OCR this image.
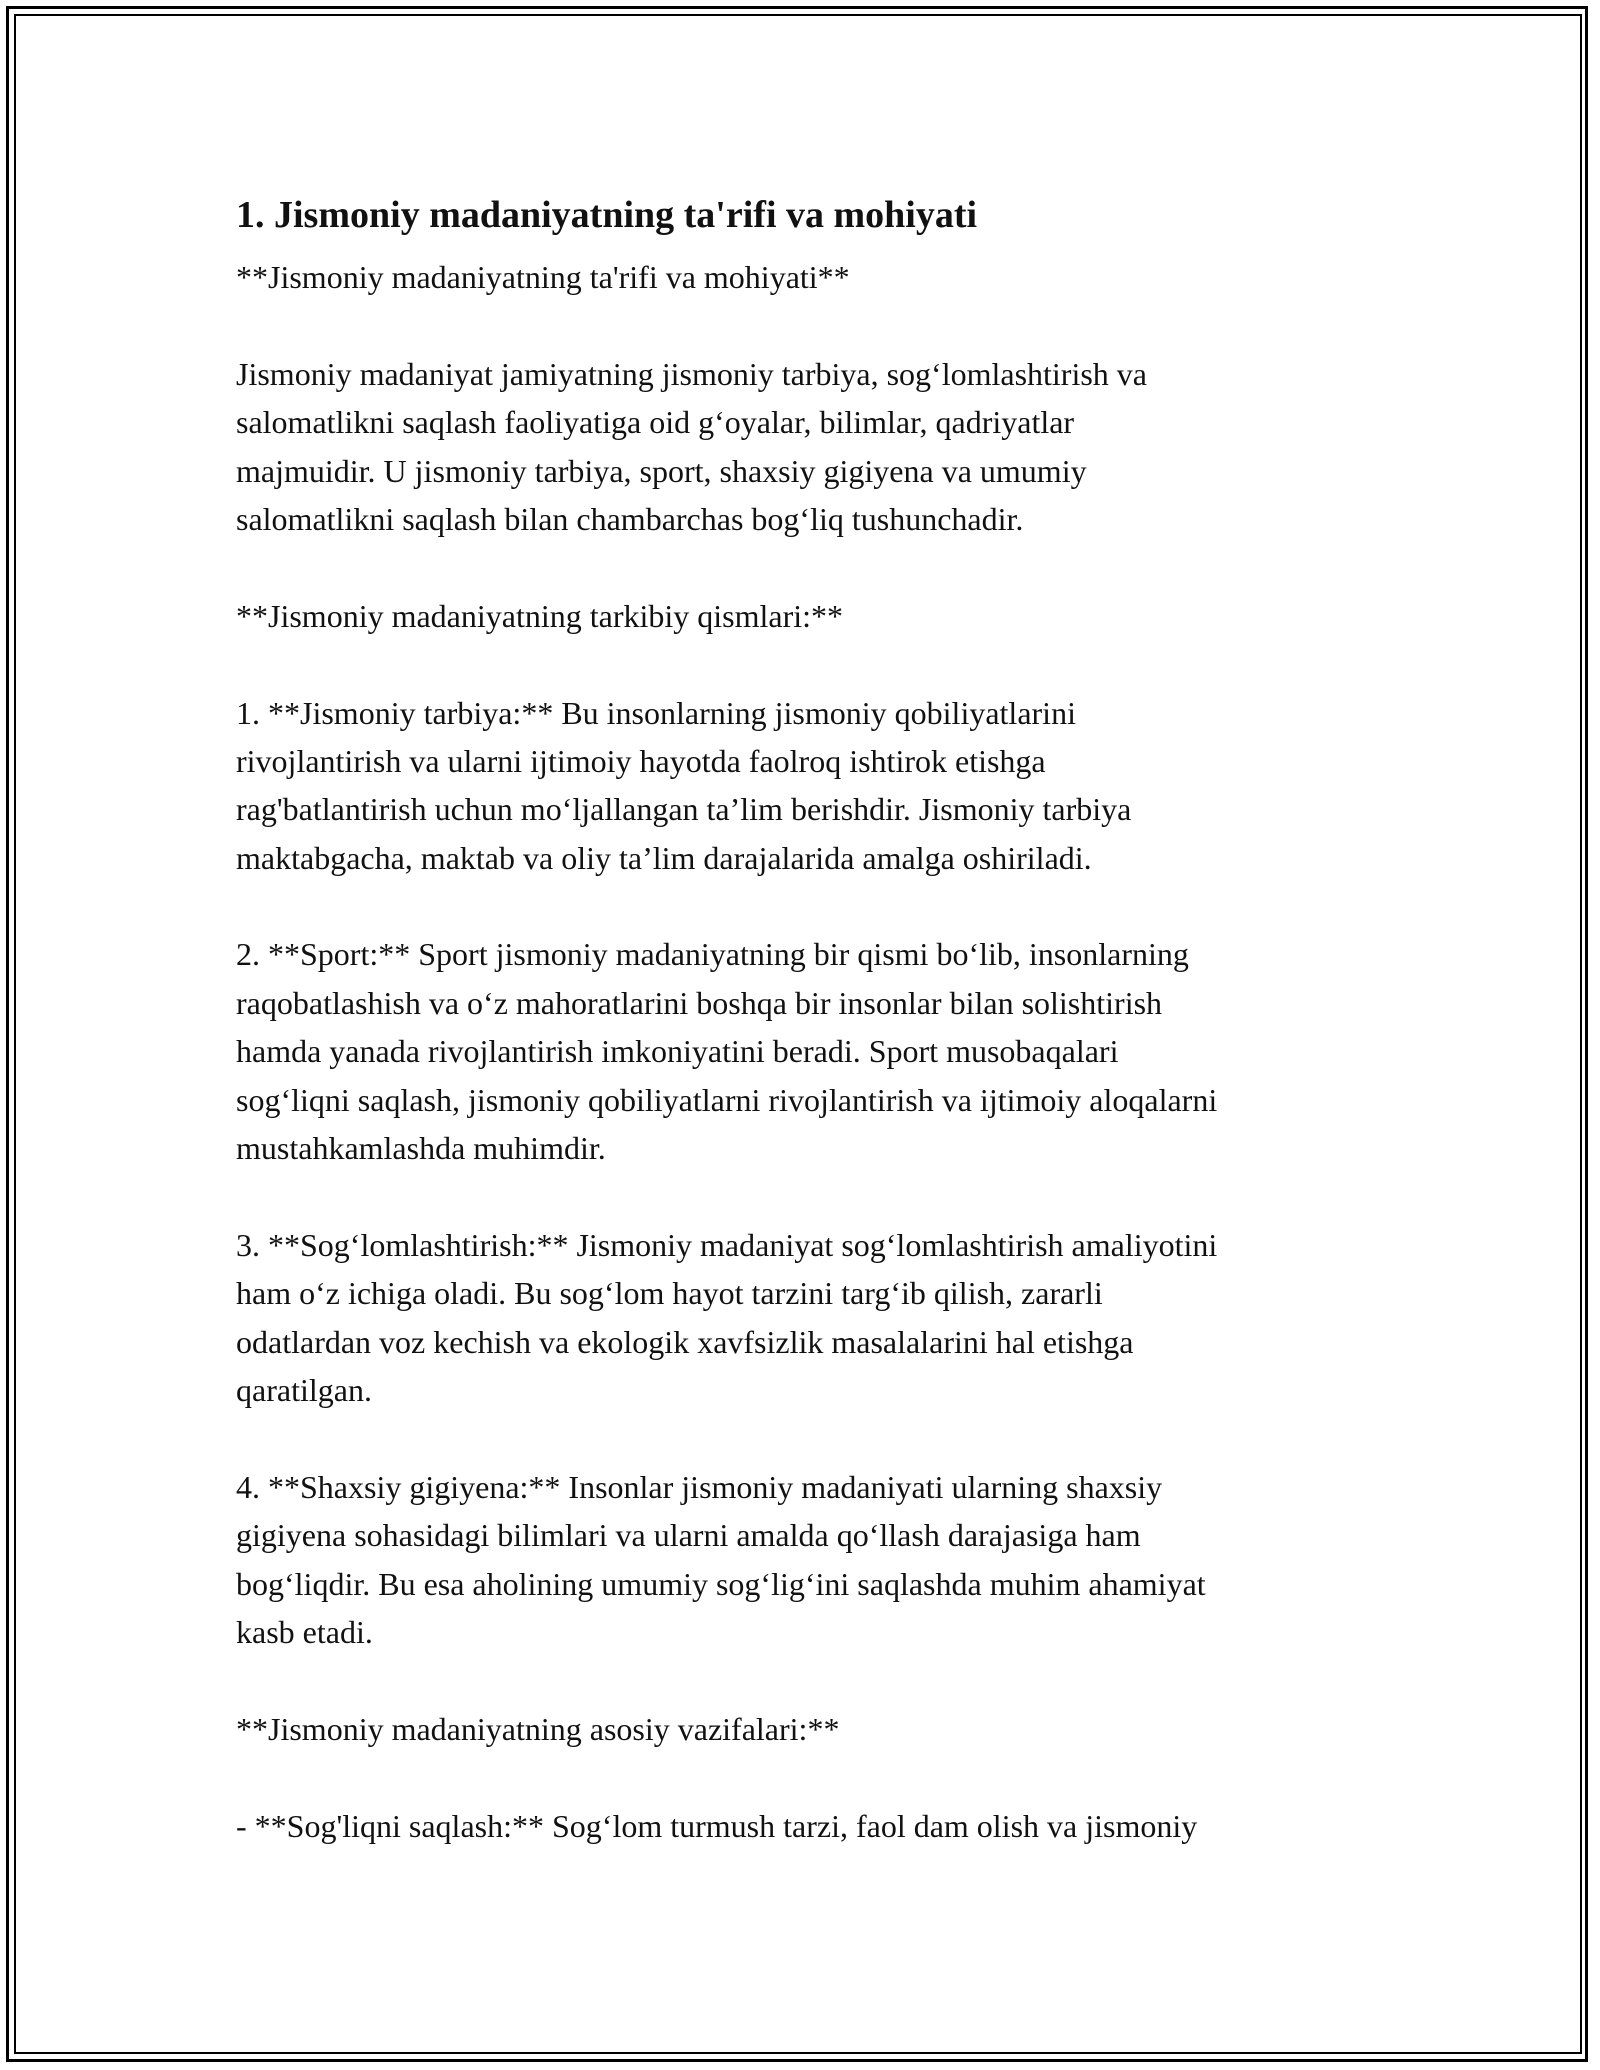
1. Jismoniy madaniyatning ta'rifi va mohiyati
**Jismoniy madaniyatning ta'rifi va mohiyati**
Jismoniy madaniyat jamiyatning jismoniy tarbiya, sog‘lomlashtirish va
salomatlikni saqlash faoliyatiga oid g‘oyalar, bilimlar, qadriyatlar
majmuidir. U jismoniy tarbiya, sport, shaxsiy gigiyena va umumiy
salomatlikni saqlash bilan chambarchas bog‘liq tushunchadir.
**Jismoniy madaniyatning tarkibiy qismlari:**
1. **Jismoniy tarbiya:** Bu insonlarning jismoniy qobiliyatlarini
rivojlantirish va ularni ijtimoiy hayotda faolroq ishtirok etishga
rag'batlantirish uchun mo‘ljallangan ta’lim berishdir. Jismoniy tarbiya
maktabgacha, maktab va oliy ta’lim darajalarida amalga oshiriladi.
2. **Sport:** Sport jismoniy madaniyatning bir qismi bo‘lib, insonlarning
raqobatlashish va o‘z mahoratlarini boshqa bir insonlar bilan solishtirish
hamda yanada rivojlantirish imkoniyatini beradi. Sport musobaqalari
sog‘liqni saqlash, jismoniy qobiliyatlarni rivojlantirish va ijtimoiy aloqalarni
mustahkamlashda muhimdir.
3. **Sog‘lomlashtirish:** Jismoniy madaniyat sog‘lomlashtirish amaliyotini
ham o‘z ichiga oladi. Bu sog‘lom hayot tarzini targ‘ib qilish, zararli
odatlardan voz kechish va ekologik xavfsizlik masalalarini hal etishga
qaratilgan.
4. **Shaxsiy gigiyena:** Insonlar jismoniy madaniyati ularning shaxsiy
gigiyena sohasidagi bilimlari va ularni amalda qo‘llash darajasiga ham
bog‘liqdir. Bu esa aholining umumiy sog‘lig‘ini saqlashda muhim ahamiyat
kasb etadi.
**Jismoniy madaniyatning asosiy vazifalari:**
- **Sog'liqni saqlash:** Sog‘lom turmush tarzi, faol dam olish va jismoniy
